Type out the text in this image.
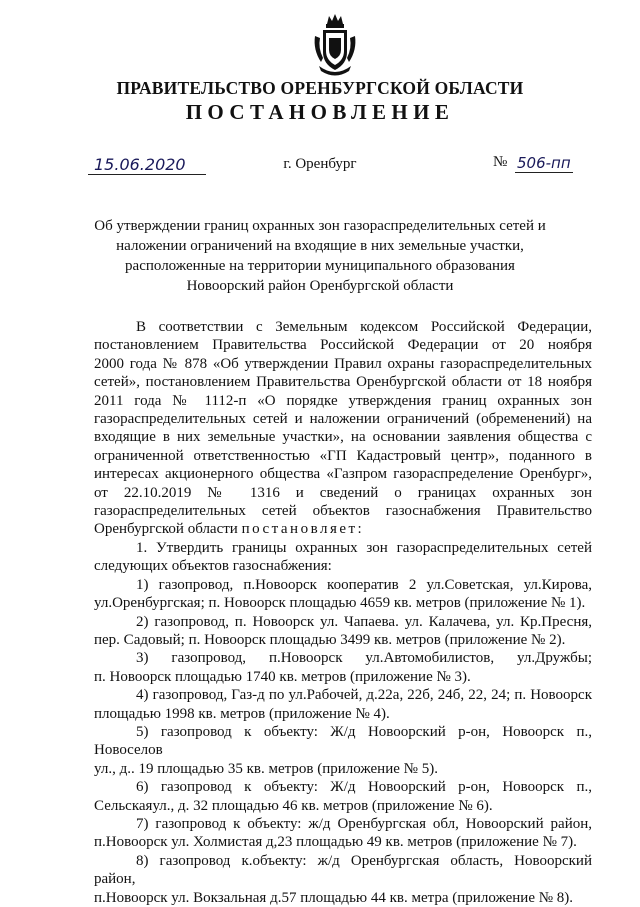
ПРАВИТЕЛЬСТВО ОРЕНБУРГСКОЙ ОБЛАСТИ
ПОСТАНОВЛЕНИЕ
15.06.2020	г. Оренбург	№ 506-пп
Об утверждении границ охранных зон газораспределительных сетей и
наложении ограничений на входящие в них земельные участки,
расположенные на территории муниципального образования
Новоорский район Оренбургской области

В соответствии с Земельным кодексом Российской Федерации,

постановлением Правительства Российской Федерации от 20 ноября

2000 года № 878 «Об утверждении Правил охраны газораспределительных

сетей», постановлением Правительства Оренбургской области от 18 ноября

2011 года № 1112-п «О порядке утверждения границ охранных зон

газораспределительных сетей и наложении ограничений (обременений) на

входящие в них земельные участки», на основании заявления общества с

ограниченной ответственностью «ГП Кадастровый центр», поданного в

интересах акционерного общества «Газпром газораспределение Оренбург»,

от 22.10.2019 № 1316 и сведений о границах охранных зон

газораспределительных сетей объектов газоснабжения Правительство

Оренбургской области постановляет:

1. Утвердить границы охранных зон газораспределительных сетей

следующих объектов газоснабжения:

1) газопровод, п.Новоорск кооператив 2 ул.Советская, ул.Кирова,

ул.Оренбургская; п. Новоорск площадью 4659 кв. метров (приложение № 1).

2) газопровод, п. Новоорск ул. Чапаева. ул. Калачева, ул. Кр.Пресня,

пер. Садовый; п. Новоорск площадью 3499 кв. метров (приложение № 2).

3) газопровод, п.Новоорск ул.Автомобилистов, ул.Дружбы;

п. Новоорск площадью 1740 кв. метров (приложение № 3).

4) газопровод, Газ-д по ул.Рабочей, д.22а, 22б, 24б, 22, 24; п. Новоорск

площадью 1998 кв. метров (приложение № 4).

5) газопровод к объекту: Ж/д Новоорский р-он, Новоорск п., Новоселов

ул., д.. 19 площадью 35 кв. метров (приложение № 5).

6) газопровод к объекту: Ж/д Новоорский р-он, Новоорск п.,

Сельскаяул., д. 32 площадью 46 кв. метров (приложение № 6).

7) газопровод к объекту: ж/д Оренбургская обл, Новоорский район,

п.Новоорск ул. Холмистая д,23 площадью 49 кв. метров (приложение № 7).

8) газопровод к.объекту: ж/д Оренбургская область, Новоорский район,

п.Новоорск ул. Вокзальная д.57 площадью 44 кв. метра (приложение № 8).
